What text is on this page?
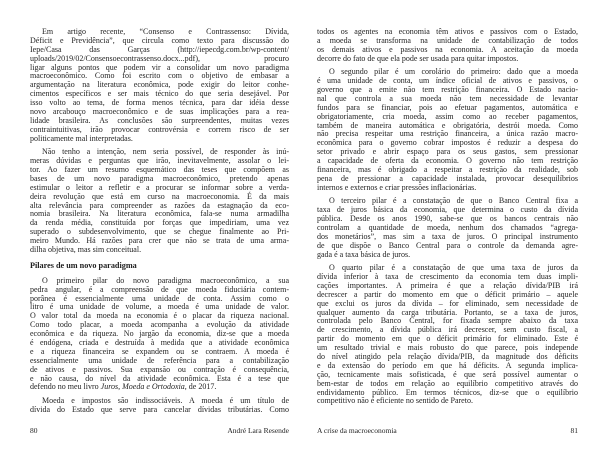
Em artigo recente, “Consenso e Contrassenso: Dívida,
Déficit e Previdência”, que circula como texto para discussão do
Iepe/Casa das Garças (http://iepecdg.com.br/wp-content/
uploads/2019/02/Consensoecontrassenso.docx...pdf), procuro
ligar alguns pontos que podem vir a consolidar um novo paradigma
macroeconômico. Como foi escrito com o objetivo de embasar a
argumentação na literatura econômica, pode exigir do leitor conhe-
cimentos específicos e ser mais técnico do que seria desejável. Por
isso volto ao tema, de forma menos técnica, para dar idéia desse
novo arcabouço macroeconômico e de suas implicações para a rea-
lidade brasileira. As conclusões são surpreendentes, muitas vezes
contraintuitivas, irão provocar controvérsia e correm risco de ser
politicamente mal interpretadas.
Não tenho a intenção, nem seria possível, de responder às inú-
meras dúvidas e perguntas que irão, inevitavelmente, assolar o lei-
tor. Ao fazer um resumo esquemático das teses que compõem as
bases de um novo paradigma macroeconômico, pretendo apenas
estimular o leitor a refletir e a procurar se informar sobre a verda-
deira revolução que está em curso na macroeconomia. É da mais
alta relevância para compreender as razões da estagnação da eco-
nomia brasileira. Na literatura econômica, fala-se numa armadilha
da renda média, constituída por forças que impediriam, uma vez
superado o subdesenvolvimento, que se chegue finalmente ao Pri-
meiro Mundo. Há razões para crer que não se trata de uma arma-
dilha objetiva, mas sim conceitual.
Pilares de um novo paradigma
O primeiro pilar do novo paradigma macroeconômico, a sua
pedra angular, é a compreensão de que moeda fiduciária contem-
porânea é essencialmente uma unidade de conta. Assim como o
litro é uma unidade de volume, a moeda é uma unidade de valor.
O valor total da moeda na economia é o placar da riqueza nacional.
Como todo placar, a moeda acompanha a evolução da atividade
econômica e da riqueza. No jargão da economia, diz-se que a moeda
é endógena, criada e destruída à medida que a atividade econômica
e a riqueza financeira se expandem ou se contraem. A moeda é
essencialmente uma unidade de referência para a contabilização
de ativos e passivos. Sua expansão ou contração é consequência,
e não causa, do nível da atividade econômica. Esta é a tese que
defendo no meu livro Juros, Moeda e Ortodoxia, de 2017.
Moeda e impostos são indissociáveis. A moeda é um título de
dívida do Estado que serve para cancelar dívidas tributárias. Como
todos os agentes na economia têm ativos e passivos com o Estado,
a moeda se transforma na unidade de contabilização de todos
os demais ativos e passivos na economia. A aceitação da moeda
decorre do fato de que ela pode ser usada para quitar impostos.
O segundo pilar é um corolário do primeiro: dado que a moeda
é uma unidade de conta, um índice oficial de ativos e passivos, o
governo que a emite não tem restrição financeira. O Estado nacio-
nal que controla a sua moeda não tem necessidade de levantar
fundos para se financiar, pois ao efetuar pagamentos, automática e
obrigatoriamente, cria moeda, assim como ao receber pagamentos,
também de maneira automática e obrigatória, destrói moeda. Como
não precisa respeitar uma restrição financeira, a única razão macro-
econômica para o governo cobrar impostos é reduzir a despesa do
setor privado e abrir espaço para os seus gastos, sem pressionar
a capacidade de oferta da economia. O governo não tem restrição
financeira, mas é obrigado a respeitar a restrição da realidade, sob
pena de pressionar a capacidade instalada, provocar desequilíbrios
internos e externos e criar pressões inflacionárias.
O terceiro pilar é a constatação de que o Banco Central fixa a
taxa de juros básica da economia, que determina o custo da dívida
pública. Desde os anos 1990, sabe-se que os bancos centrais não
controlam a quantidade de moeda, nenhum dos chamados “agrega-
dos monetários”, mas sim a taxa de juros. O principal instrumento
de que dispõe o Banco Central para o controle da demanda agre-
gada é a taxa básica de juros.
O quarto pilar é a constatação de que uma taxa de juros da
dívida inferior à taxa de crescimento da economia tem duas impli-
cações importantes. A primeira é que a relação dívida/PIB irá
decrescer a partir do momento em que o déficit primário – aquele
que exclui os juros da dívida – for eliminado, sem necessidade de
qualquer aumento da carga tributária. Portanto, se a taxa de juros,
controlada pelo Banco Central, for fixada sempre abaixo da taxa
de crescimento, a dívida pública irá decrescer, sem custo fiscal, a
partir do momento em que o déficit primário for eliminado. Este é
um resultado trivial e mais robusto do que parece, pois independe
do nível atingido pela relação dívida/PIB, da magnitude dos déficits
e da extensão do período em que há déficits. A segunda implica-
ção, tecnicamente mais sofisticada, é que será possível aumentar o
bem-estar de todos em relação ao equilíbrio competitivo através do
endividamento público. Em termos técnicos, diz-se que o equilíbrio
competitivo não é eficiente no sentido de Pareto.
80	André Lara Resende	A crise da macroeconomia	81
